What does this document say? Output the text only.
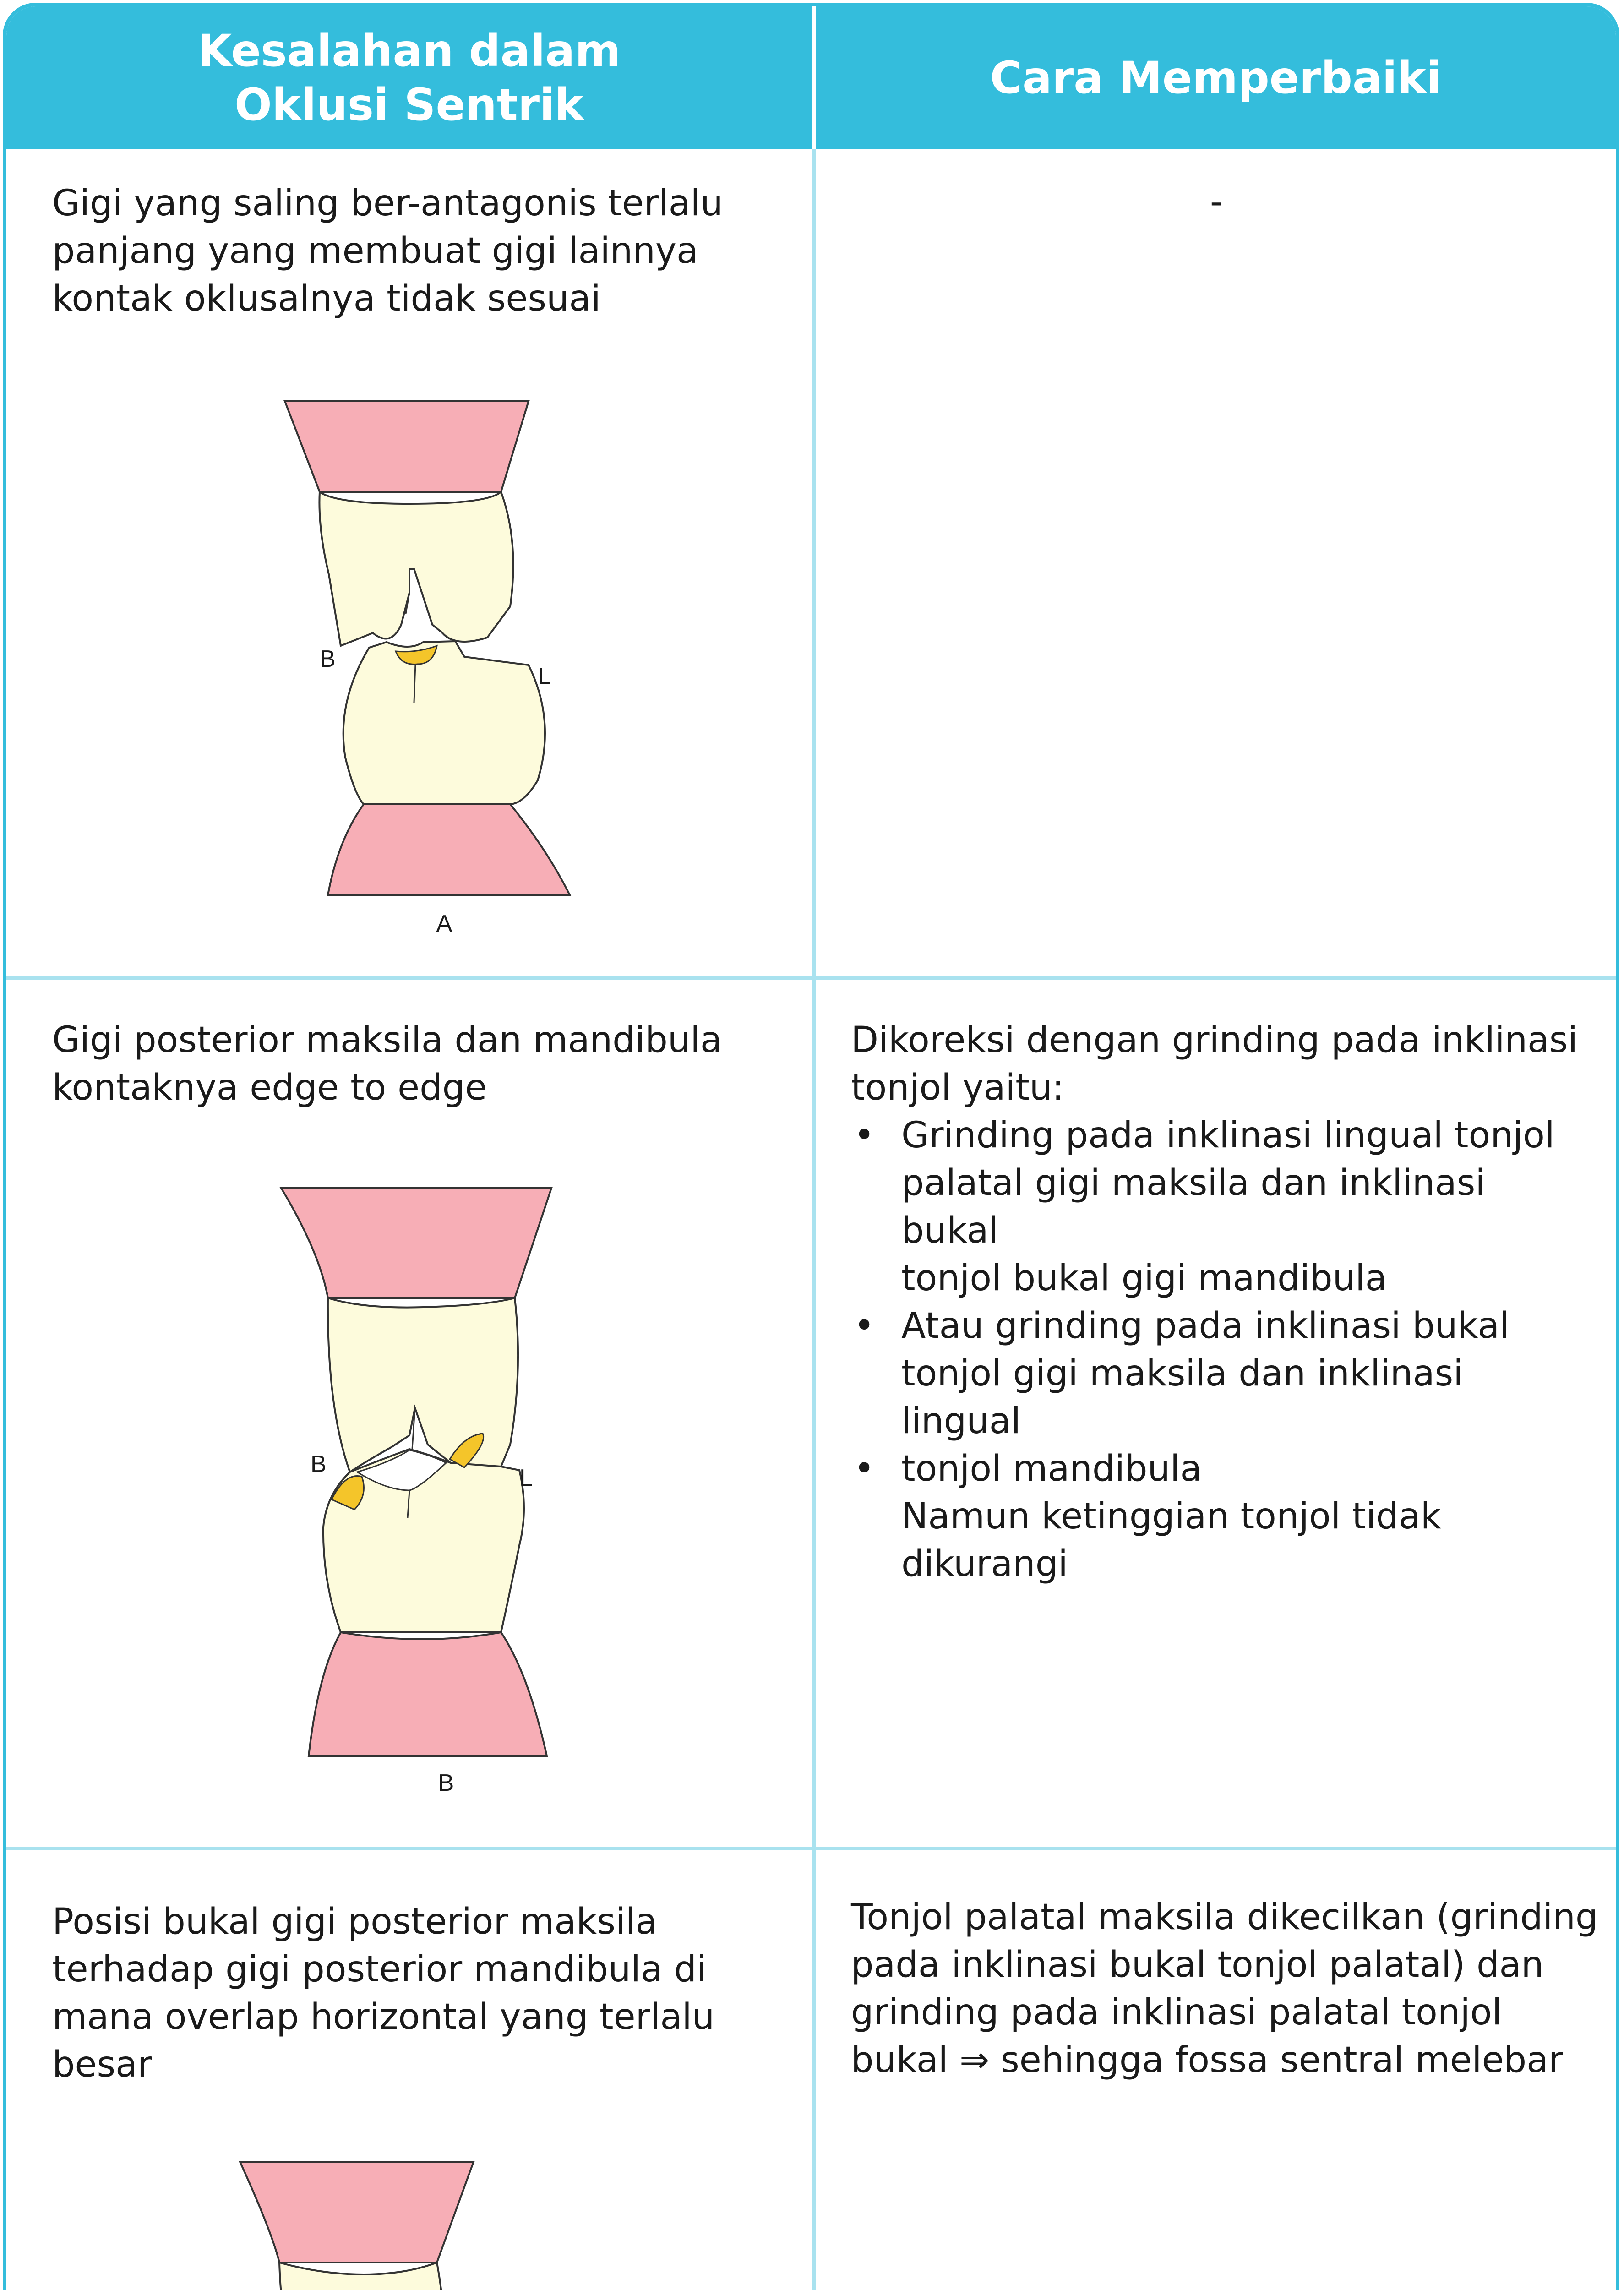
Kesalahan dalam
Oklusi Sentrik
Cara Memperbaiki
Gigi yang saling ber-antagonis terlalu
panjang yang membuat gigi lainnya
kontak oklusalnya tidak sesuai
-
B
L
A
Gigi posterior maksila dan mandibula
kontaknya edge to edge
Dikoreksi dengan grinding pada inklinasi
tonjol yaitu:
• Grinding pada inklinasi lingual tonjol
palatal gigi maksila dan inklinasi bukal
tonjol bukal gigi mandibula
• Atau grinding pada inklinasi bukal
tonjol gigi maksila dan inklinasi lingual
• tonjol mandibula
Namun ketinggian tonjol tidak
dikurangi
B
L
B
Posisi bukal gigi posterior maksila
terhadap gigi posterior mandibula di
mana overlap horizontal yang terlalu
besar
Tonjol palatal maksila dikecilkan (grinding
pada inklinasi bukal tonjol palatal) dan
grinding pada inklinasi palatal tonjol
bukal ⇒ sehingga fossa sentral melebar
